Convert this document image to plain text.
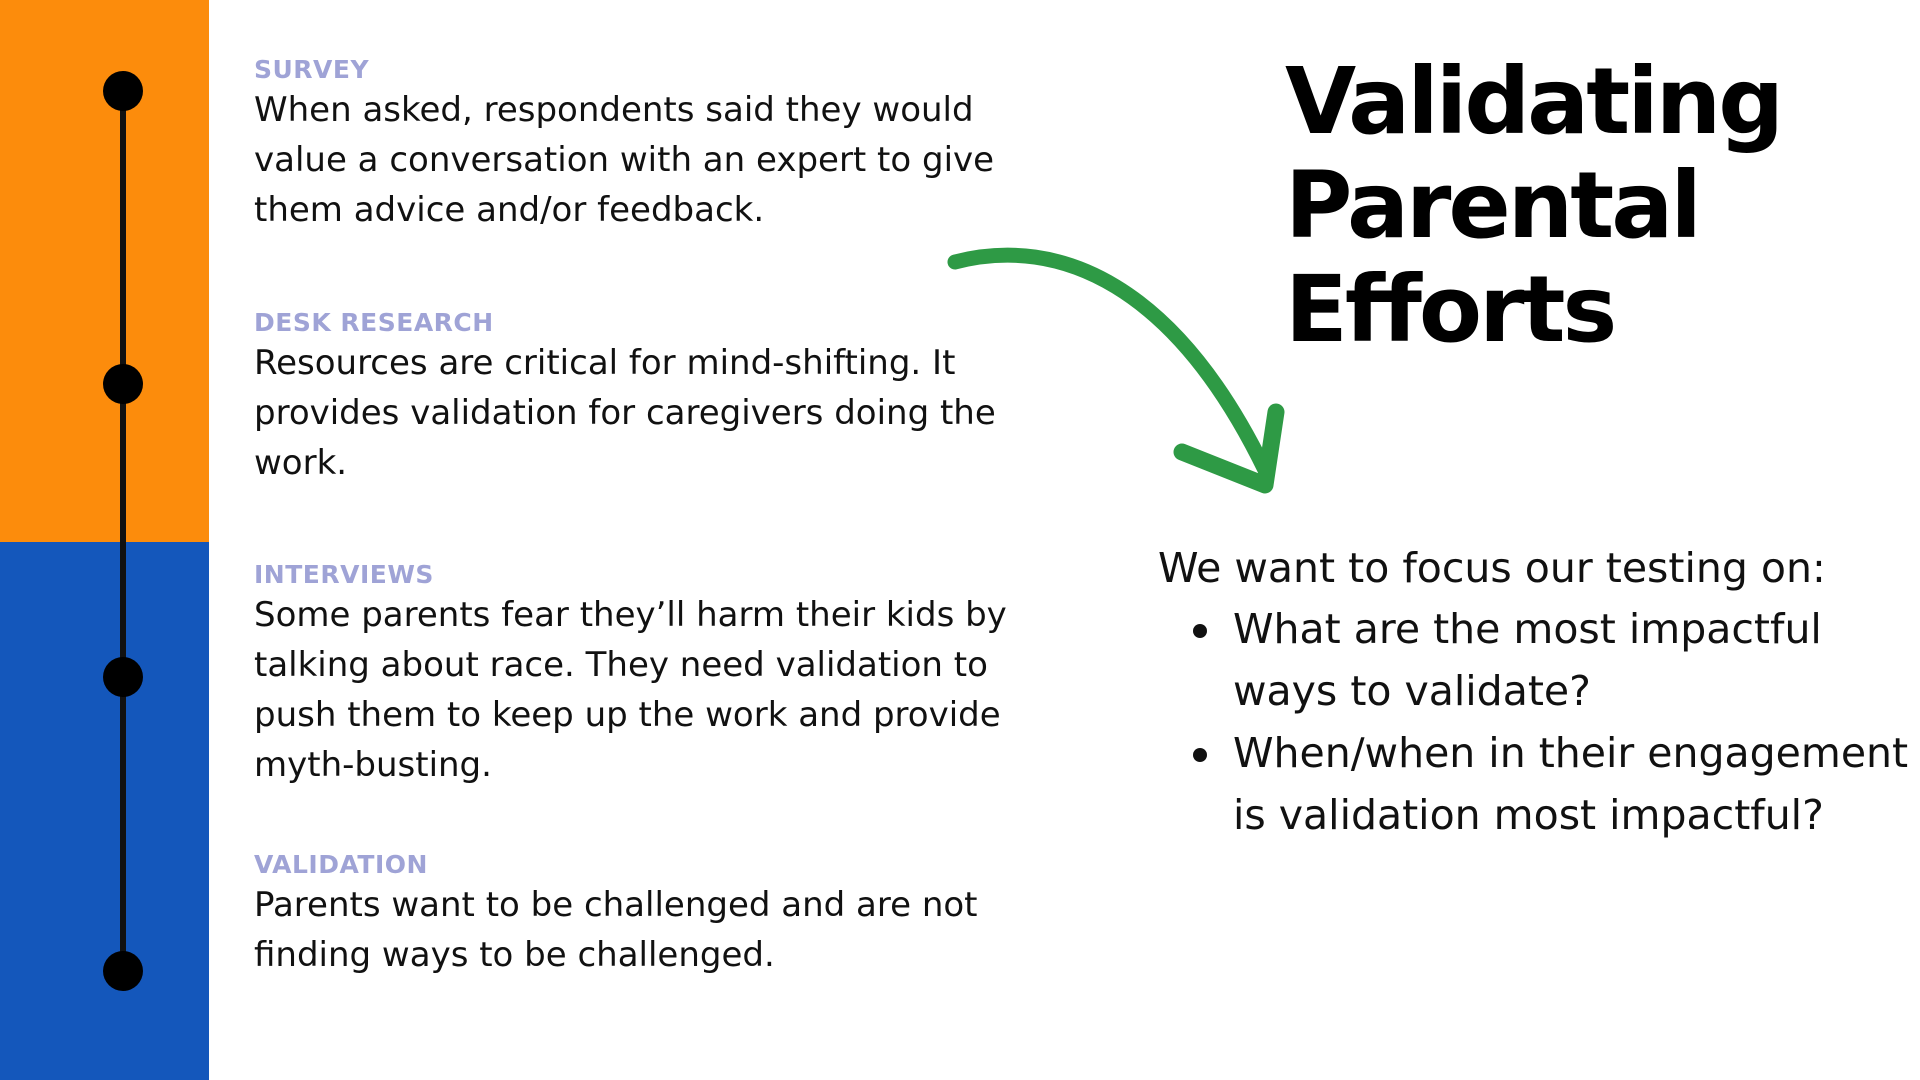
SURVEY

When asked, respondents said they would value a conversation with an expert to give them advice and/or feedback.

DESK RESEARCH

Resources are critical for mind-shifting. It provides validation for caregivers doing the work.

INTERVIEWS

Some parents fear they’ll harm their kids by talking about race. They need validation to push them to keep up the work and provide myth-busting.

VALIDATION

Parents want to be challenged and are not finding ways to be challenged.

Validating
Parental
Efforts

We want to focus our testing on:

What are the most impactful ways to validate?
When/when in their engagement is validation most impactful?
